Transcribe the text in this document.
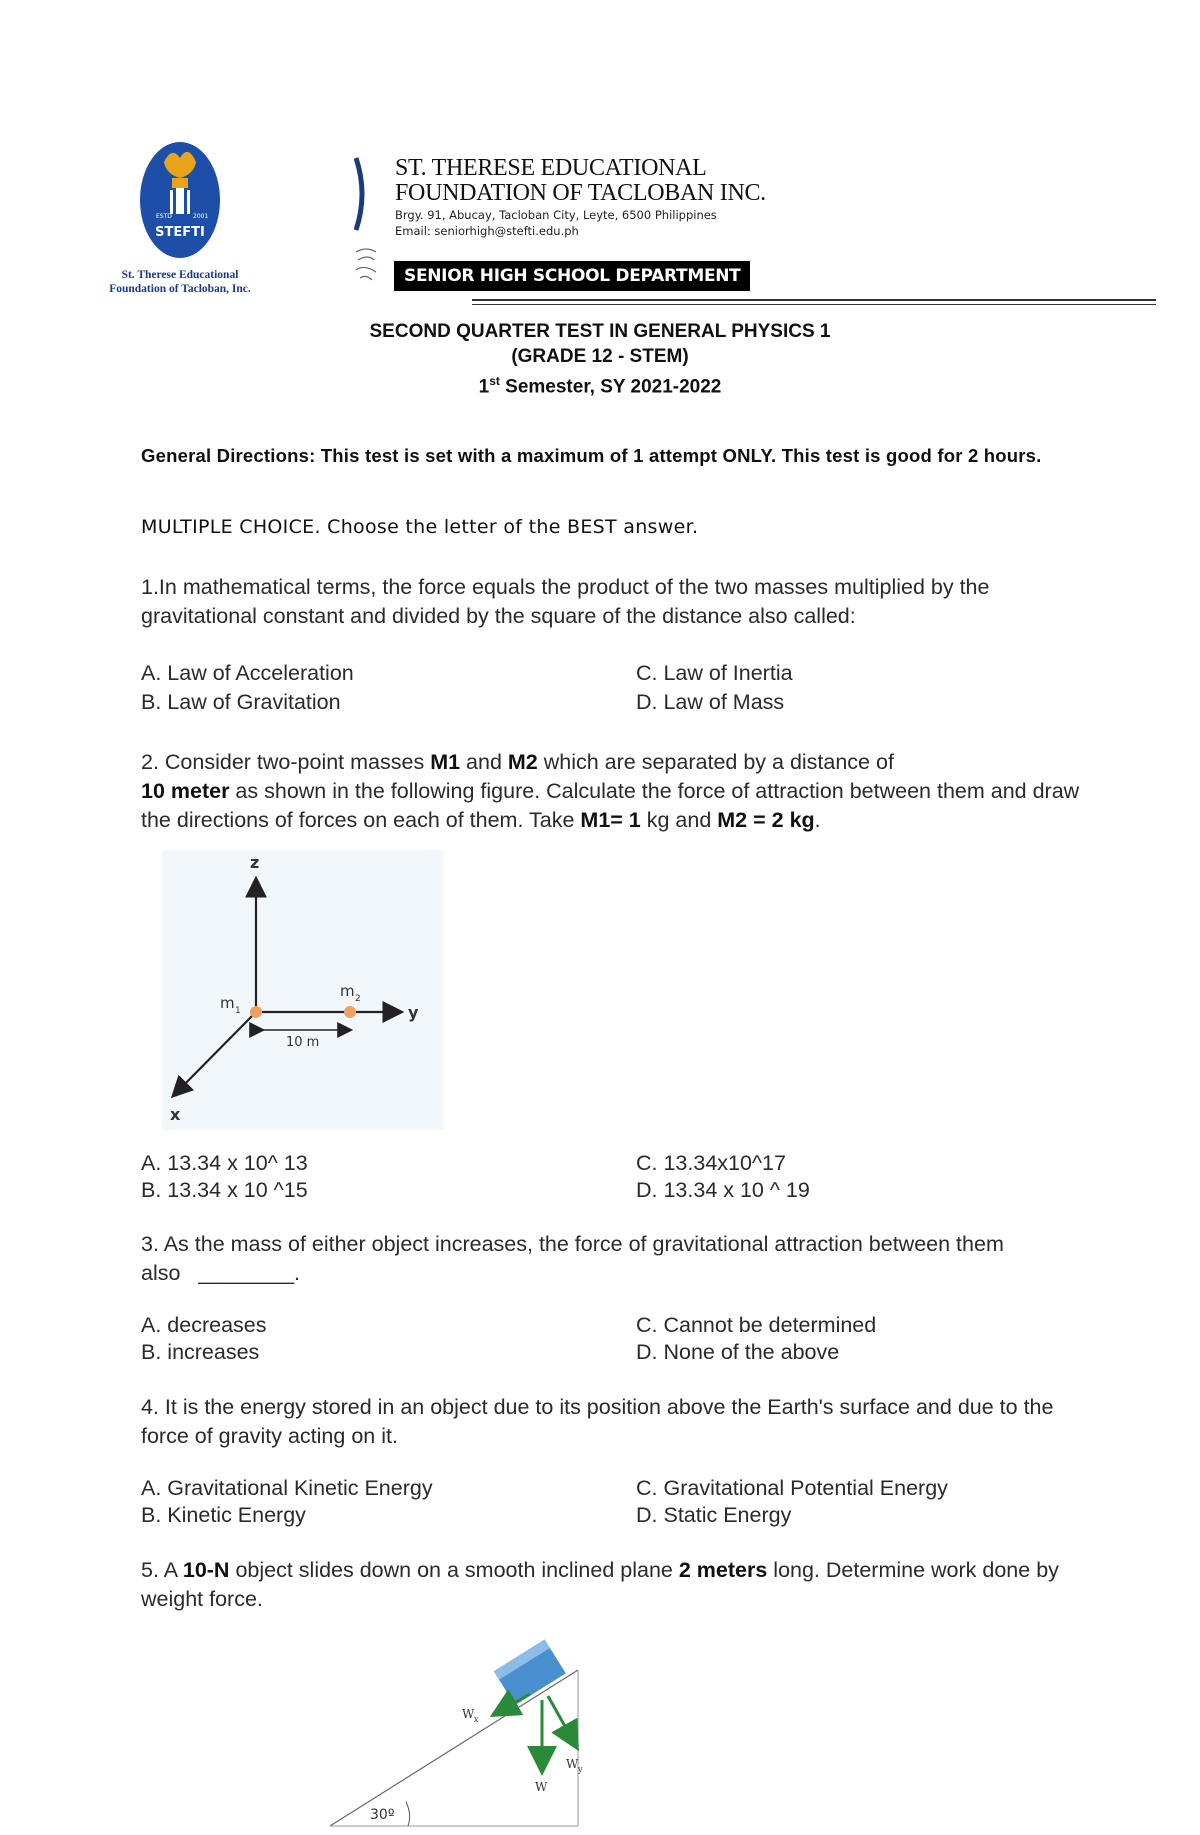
ESTD	2001
STEFTI
St. Therese Educational
Foundation of Tacloban, Inc.
ST. THERESE EDUCATIONAL
FOUNDATION OF TACLOBAN INC.
Brgy. 91, Abucay, Tacloban City, Leyte, 6500 Philippines
Email: seniorhigh@stefti.edu.ph
SENIOR HIGH SCHOOL DEPARTMENT
SECOND QUARTER TEST IN GENERAL PHYSICS 1
(GRADE 12 - STEM)
1st Semester, SY 2021-2022
General Directions: This test is set with a maximum of 1 attempt ONLY. This test is good for 2 hours.
MULTIPLE CHOICE. Choose the letter of the BEST answer.
1.In mathematical terms, the force equals the product of the two masses multiplied by the gravitational constant and divided by the square of the distance also called:
A. Law of Acceleration
B. Law of Gravitation
C. Law of Inertia
D. Law of Mass
2. Consider two-point masses M1 and M2 which are separated by a distance of
10 meter as shown in the following figure. Calculate the force of attraction between them and draw the directions of forces on each of them. Take M1= 1 kg and M2 = 2 kg.
z
y
x
m 1
m 2
10 m
A. 13.34 x 10^ 13
B. 13.34 x 10 ^15
C. 13.34x10^17
D. 13.34 x 10 ^ 19
3. As the mass of either object increases, the force of gravitational attraction between them also ________.
A. decreases
B. increases
C. Cannot be determined
D. None of the above
4. It is the energy stored in an object due to its position above the Earth's surface and due to the force of gravity acting on it.
A. Gravitational Kinetic Energy
B. Kinetic Energy
C. Gravitational Potential Energy
D. Static Energy
5. A 10-N object slides down on a smooth inclined plane 2 meters long. Determine work done by weight force.
W x
W
W y
30º
